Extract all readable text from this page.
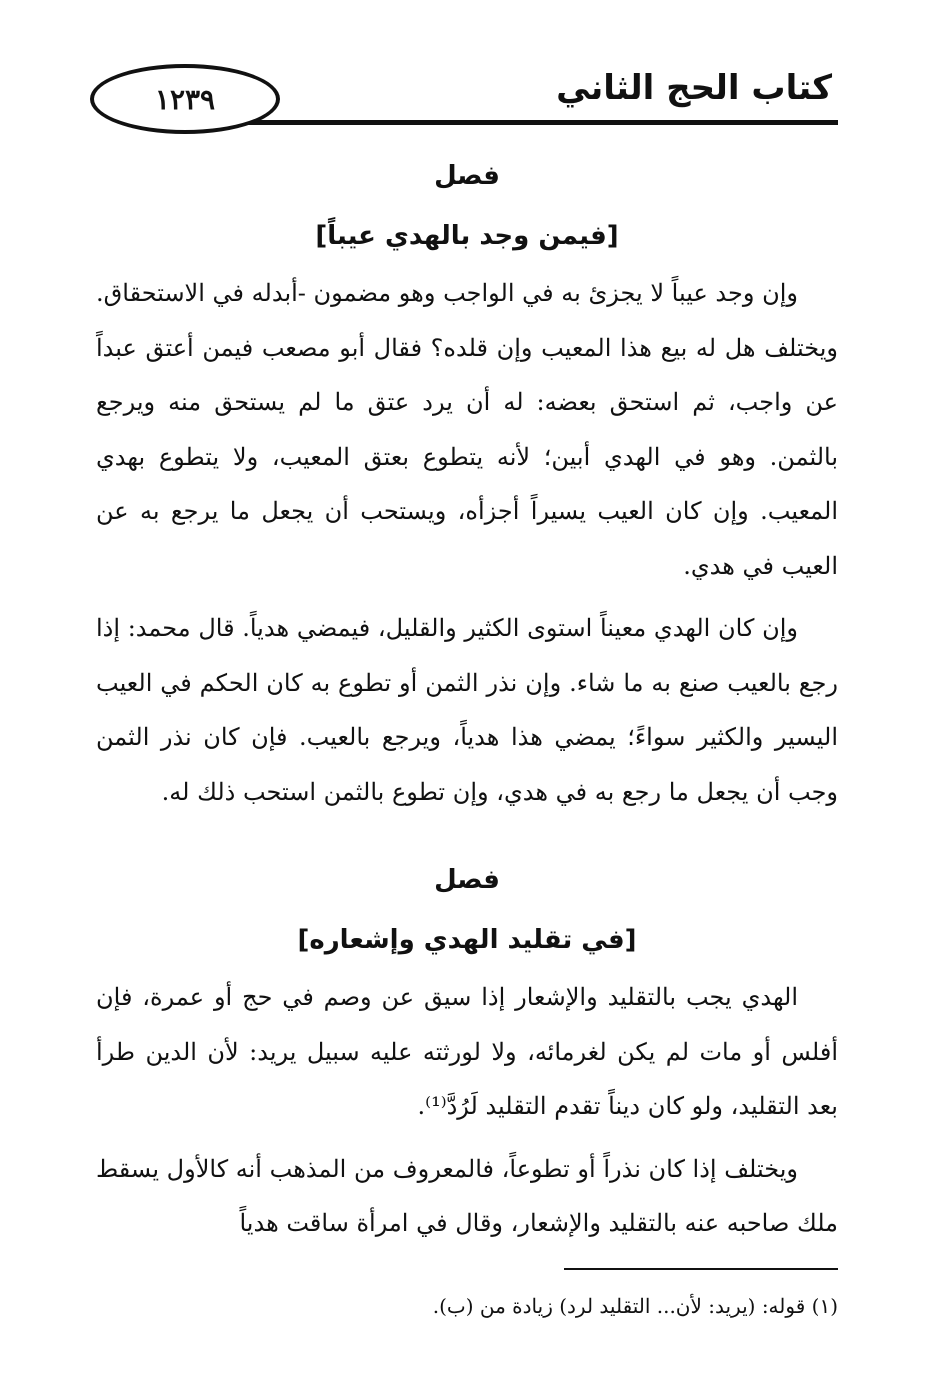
كتاب الحج الثاني
١٢٣٩
فصل
[فيمن وجد بالهدي عيباً]

وإن وجد عيباً لا يجزئ به في الواجب وهو مضمون -أبدله في الاستحقاق. ويختلف هل له بيع هذا المعيب وإن قلده؟ فقال أبو مصعب فيمن أعتق عبداً عن واجب، ثم استحق بعضه: له أن يرد عتق ما لم يستحق منه ويرجع بالثمن. وهو في الهدي أبين؛ لأنه يتطوع بعتق المعيب، ولا يتطوع بهدي المعيب. وإن كان العيب يسيراً أجزأه، ويستحب أن يجعل ما يرجع به عن العيب في هدي.

وإن كان الهدي معيناً استوى الكثير والقليل، فيمضي هدياً. قال محمد: إذا رجع بالعيب صنع به ما شاء. وإن نذر الثمن أو تطوع به كان الحكم في العيب اليسير والكثير سواءً؛ يمضي هذا هدياً، ويرجع بالعيب. فإن كان نذر الثمن وجب أن يجعل ما رجع به في هدي، وإن تطوع بالثمن استحب ذلك له.

فصل
[في تقليد الهدي وإشعاره]

الهدي يجب بالتقليد والإشعار إذا سيق عن وصم في حج أو عمرة، فإن أفلس أو مات لم يكن لغرمائه، ولا لورثته عليه سبيل يريد: لأن الدين طرأ بعد التقليد، ولو كان ديناً تقدم التقليد لَرُدَّ⁽¹⁾.

ويختلف إذا كان نذراً أو تطوعاً، فالمعروف من المذهب أنه كالأول يسقط ملك صاحبه عنه بالتقليد والإشعار، وقال في امرأة ساقت هدياً

(١) قوله: (يريد: لأن... التقليد لرد) زيادة من (ب).
